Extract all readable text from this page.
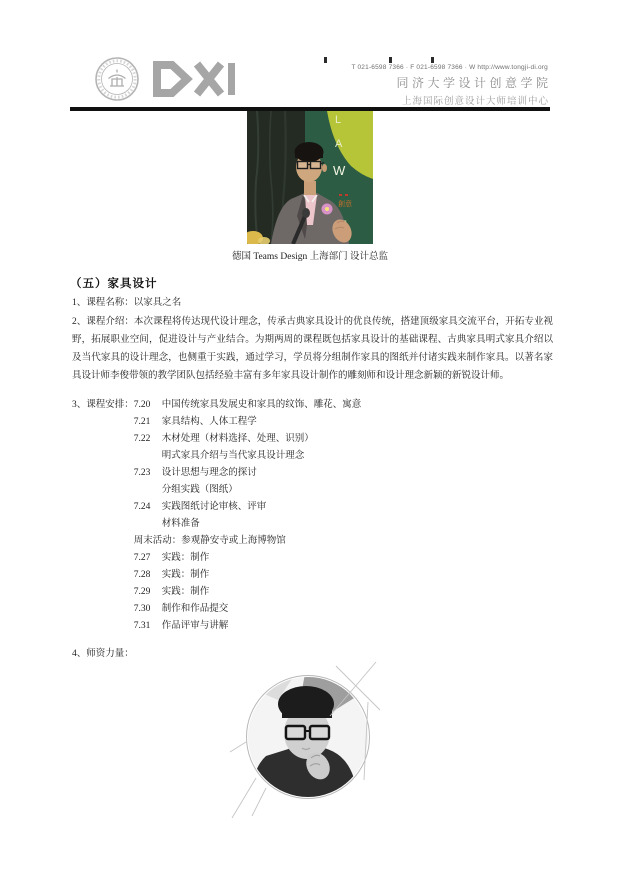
T 021-6598 7366 · F 021-6598 7366 · W http://www.tongji-di.org
同济大学设计创意学院
上海国际创意设计大师培训中心
L
A
W
創意
德国 Teams Design 上海部门 设计总监
（五）家具设计
1、课程名称：以家具之名
2、课程介绍：本次课程将传达现代设计理念，传承古典家具设计的优良传统，搭建顶级家具交流平台，开拓专业视野，拓展职业空间，促进设计与产业结合。为期两周的课程既包括家具设计的基础课程、古典家具明式家具介绍以及当代家具的设计理念，也侧重于实践，通过学习，学员将分组制作家具的图纸并付诸实践来制作家具。以著名家具设计师李俊带领的教学团队包括经验丰富有多年家具设计制作的雕刻师和设计理念新颖的新锐设计师。
3、课程安排： 7.20 中国传统家具发展史和家具的纹饰、雕花、寓意
7.21 家具结构、人体工程学
7.22 木材处理（材料选择、处理、识别）
明式家具介绍与当代家具设计理念
7.23 设计思想与理念的探讨
分组实践（图纸）
7.24 实践图纸讨论审核、评审
材料准备
周末活动：参观静安寺或上海博物馆
7.27 实践：制作
7.28 实践：制作
7.29 实践：制作
7.30 制作和作品提交
7.31 作品评审与讲解
4、师资力量：
